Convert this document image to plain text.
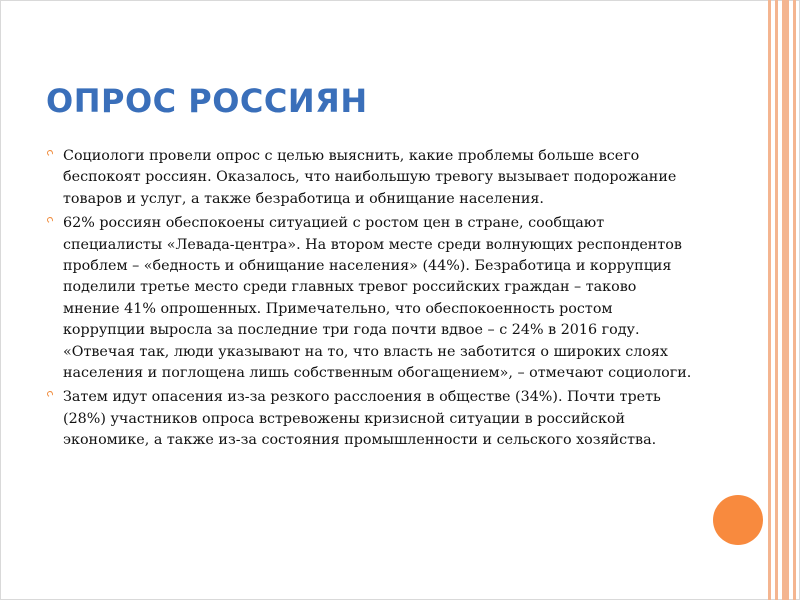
ОПРОС РОССИЯН
Социологи провели опрос с целью выяснить, какие проблемы больше всего беспокоят россиян. Оказалось, что наибольшую тревогу вызывает подорожание товаров и услуг, а также безработица и обнищание населения.
62% россиян обеспокоены ситуацией с ростом цен в стране, сообщают специалисты «Левада-центра». На втором месте среди волнующих респондентов проблем – «бедность и обнищание населения» (44%). Безработица и коррупция поделили третье место среди главных тревог российских граждан – таково мнение 41% опрошенных. Примечательно, что обеспокоенность ростом коррупции выросла за последние три года почти вдвое – с 24% в 2016 году. «Отвечая так, люди указывают на то, что власть не заботится о широких слоях населения и поглощена лишь собственным обогащением», – отмечают социологи.
Затем идут опасения из-за резкого расслоения в обществе (34%). Почти треть (28%) участников опроса встревожены кризисной ситуации в российской экономике, а также из-за состояния промышленности и сельского хозяйства.
